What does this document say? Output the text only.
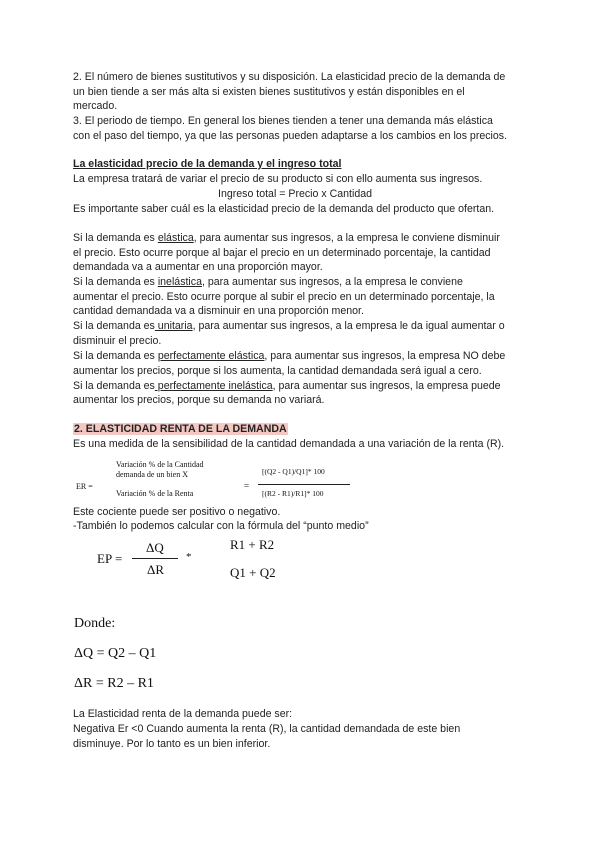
2. El número de bienes sustitutivos y su disposición. La elasticidad precio de la demanda de
un bien tiende a ser más alta si existen bienes sustitutivos y están disponibles en el
mercado.
3. El periodo de tiempo. En general los bienes tienden a tener una demanda más elástica
con el paso del tiempo, ya que las personas pueden adaptarse a los cambios en los precios.
La elasticidad precio de la demanda y el ingreso total
La empresa tratará de variar el precio de su producto si con ello aumenta sus ingresos.
Ingreso total = Precio x Cantidad
Es importante saber cuál es la elasticidad precio de la demanda del producto que ofertan.
Si la demanda es elástica, para aumentar sus ingresos, a la empresa le conviene disminuir
el precio. Esto ocurre porque al bajar el precio en un determinado porcentaje, la cantidad
demandada va a aumentar en una proporción mayor.
Si la demanda es inelástica, para aumentar sus ingresos, a la empresa le conviene
aumentar el precio. Esto ocurre porque al subir el precio en un determinado porcentaje, la
cantidad demandada va a disminuir en una proporción menor.
Si la demanda es unitaria, para aumentar sus ingresos, a la empresa le da igual aumentar o
disminuir el precio.
Si la demanda es perfectamente elástica, para aumentar sus ingresos, la empresa NO debe
aumentar los precios, porque si los aumenta, la cantidad demandada será igual a cero.
Si la demanda es perfectamente inelástica, para aumentar sus ingresos, la empresa puede
aumentar los precios, porque su demanda no variará.
2. ELASTICIDAD RENTA DE LA DEMANDA
Es una medida de la sensibilidad de la cantidad demandada a una variación de la renta (R).
ER =
Variación % de la Cantidad
demanda de un bien X
Variación % de la Renta
=
[(Q2 - Q1)/Q1]* 100
[(R2 - R1)/R1]* 100
Este cociente puede ser positivo o negativo.
-También lo podemos calcular con la fórmula del “punto medio”
EP =
ΔQ
ΔR
*
R1 + R2
Q1 + Q2
Donde:
ΔQ = Q2 – Q1
ΔR = R2 – R1
La Elasticidad renta de la demanda puede ser:
Negativa Er <0 Cuando aumenta la renta (R), la cantidad demandada de este bien
disminuye. Por lo tanto es un bien inferior.
